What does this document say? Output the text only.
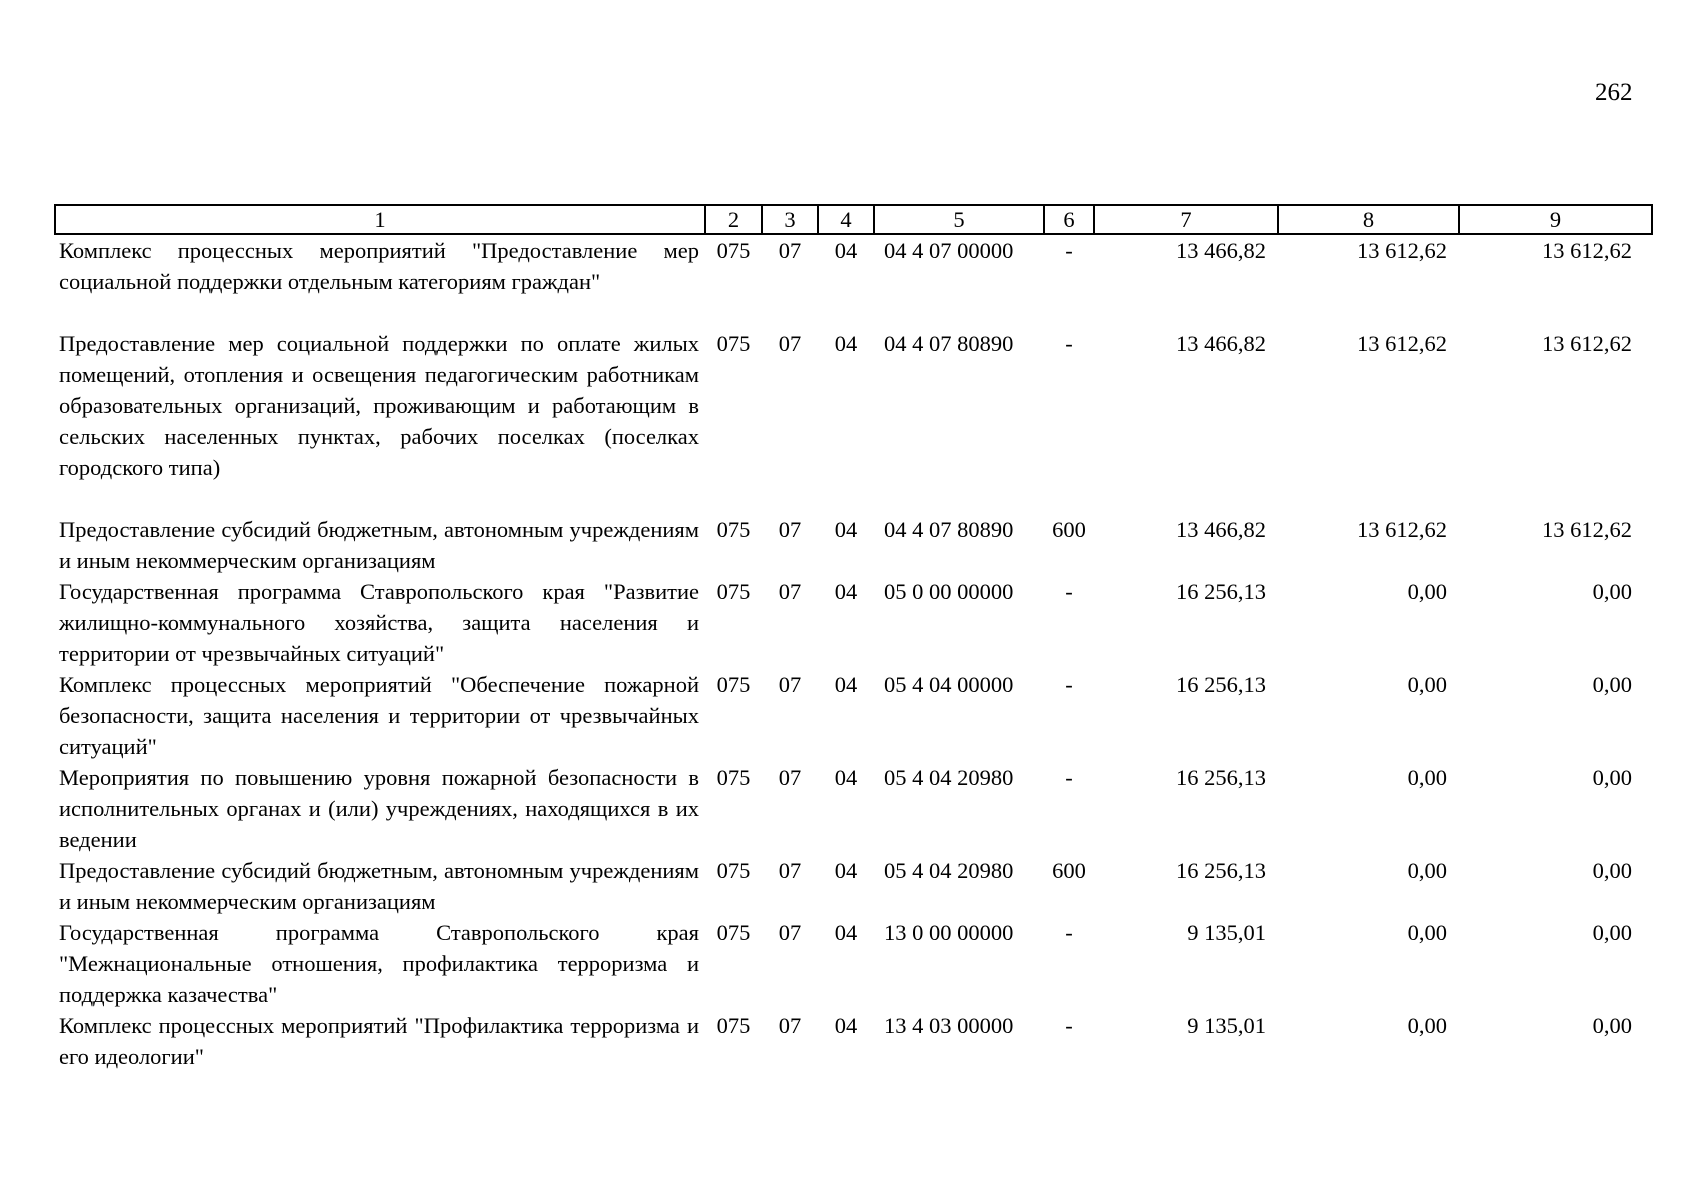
262
1	2	3	4	5	6	7	8	9
Комплекс процессных мероприятий "Предоставление мер социальной поддержки отдельным категориям граждан"	075	07	04	04 4 07 00000	-	13 466,82	13 612,62	13 612,62
Предоставление мер социальной поддержки по оплате жилых помещений, отопления и освещения педагогическим работникам образовательных организаций, проживающим и работающим в сельских населенных пунктах, рабочих поселках (поселках городского типа)	075	07	04	04 4 07 80890	-	13 466,82	13 612,62	13 612,62
Предоставление субсидий бюджетным, автономным учреждениям и иным некоммерческим организациям	075	07	04	04 4 07 80890	600	13 466,82	13 612,62	13 612,62
Государственная программа Ставропольского края "Развитие жилищно-коммунального хозяйства, защита населения и территории от чрезвычайных ситуаций"	075	07	04	05 0 00 00000	-	16 256,13	0,00	0,00
Комплекс процессных мероприятий "Обеспечение пожарной безопасности, защита населения и территории от чрезвычайных ситуаций"	075	07	04	05 4 04 00000	-	16 256,13	0,00	0,00
Мероприятия по повышению уровня пожарной безопасности в исполнительных органах и (или) учреждениях, находящихся в их ведении	075	07	04	05 4 04 20980	-	16 256,13	0,00	0,00
Предоставление субсидий бюджетным, автономным учреждениям и иным некоммерческим организациям	075	07	04	05 4 04 20980	600	16 256,13	0,00	0,00
Государственная программа Ставропольского края "Межнациональные отношения, профилактика терроризма и поддержка казачества"	075	07	04	13 0 00 00000	-	9 135,01	0,00	0,00
Комплекс процессных мероприятий "Профилактика терроризма и его идеологии"	075	07	04	13 4 03 00000	-	9 135,01	0,00	0,00
